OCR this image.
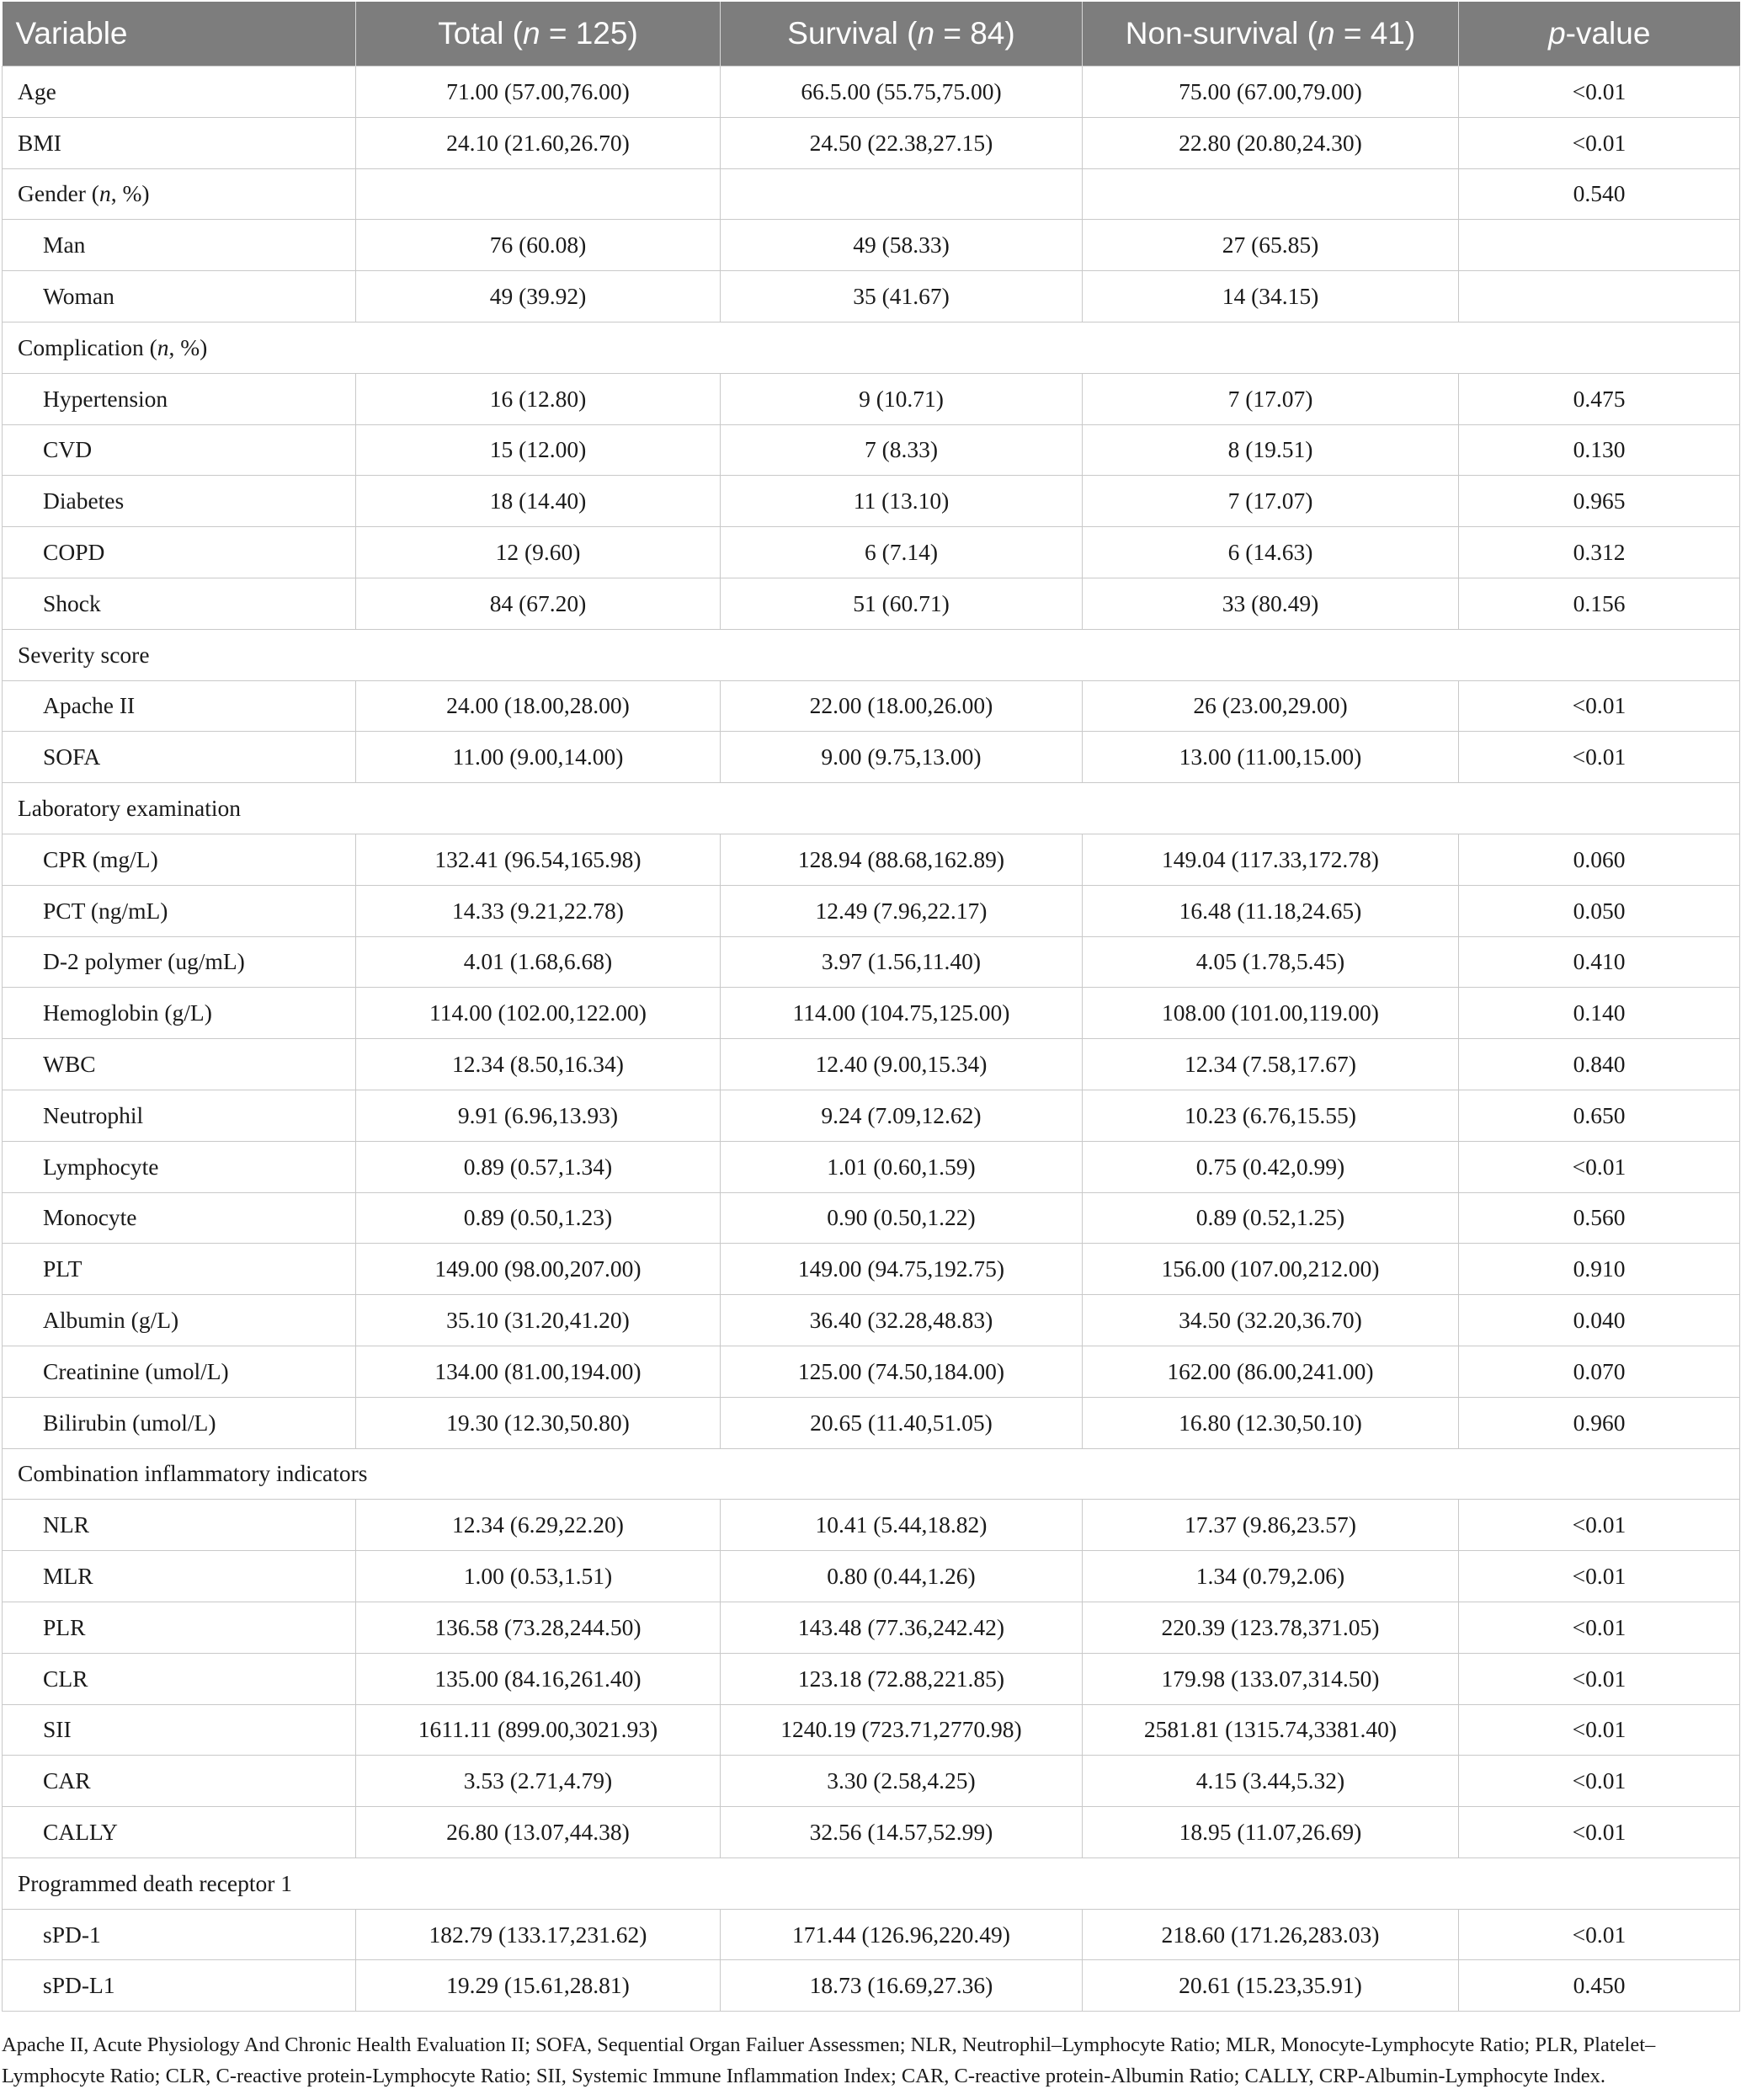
Variable	Total (n = 125)	Survival (n = 84)	Non-survival (n = 41)	p-value
Age	71.00 (57.00,76.00)	66.5.00 (55.75,75.00)	75.00 (67.00,79.00)	<0.01
BMI	24.10 (21.60,26.70)	24.50 (22.38,27.15)	22.80 (20.80,24.30)	<0.01
Gender (n, %)				0.540
Man	76 (60.08)	49 (58.33)	27 (65.85)	
Woman	49 (39.92)	35 (41.67)	14 (34.15)	
Complication (n, %)				
Hypertension	16 (12.80)	9 (10.71)	7 (17.07)	0.475
CVD	15 (12.00)	7 (8.33)	8 (19.51)	0.130
Diabetes	18 (14.40)	11 (13.10)	7 (17.07)	0.965
COPD	12 (9.60)	6 (7.14)	6 (14.63)	0.312
Shock	84 (67.20)	51 (60.71)	33 (80.49)	0.156
Severity score				
Apache II	24.00 (18.00,28.00)	22.00 (18.00,26.00)	26 (23.00,29.00)	<0.01
SOFA	11.00 (9.00,14.00)	9.00 (9.75,13.00)	13.00 (11.00,15.00)	<0.01
Laboratory examination				
CPR (mg/L)	132.41 (96.54,165.98)	128.94 (88.68,162.89)	149.04 (117.33,172.78)	0.060
PCT (ng/mL)	14.33 (9.21,22.78)	12.49 (7.96,22.17)	16.48 (11.18,24.65)	0.050
D-2 polymer (ug/mL)	4.01 (1.68,6.68)	3.97 (1.56,11.40)	4.05 (1.78,5.45)	0.410
Hemoglobin (g/L)	114.00 (102.00,122.00)	114.00 (104.75,125.00)	108.00 (101.00,119.00)	0.140
WBC	12.34 (8.50,16.34)	12.40 (9.00,15.34)	12.34 (7.58,17.67)	0.840
Neutrophil	9.91 (6.96,13.93)	9.24 (7.09,12.62)	10.23 (6.76,15.55)	0.650
Lymphocyte	0.89 (0.57,1.34)	1.01 (0.60,1.59)	0.75 (0.42,0.99)	<0.01
Monocyte	0.89 (0.50,1.23)	0.90 (0.50,1.22)	0.89 (0.52,1.25)	0.560
PLT	149.00 (98.00,207.00)	149.00 (94.75,192.75)	156.00 (107.00,212.00)	0.910
Albumin (g/L)	35.10 (31.20,41.20)	36.40 (32.28,48.83)	34.50 (32.20,36.70)	0.040
Creatinine (umol/L)	134.00 (81.00,194.00)	125.00 (74.50,184.00)	162.00 (86.00,241.00)	0.070
Bilirubin (umol/L)	19.30 (12.30,50.80)	20.65 (11.40,51.05)	16.80 (12.30,50.10)	0.960
Combination inflammatory indicators				
NLR	12.34 (6.29,22.20)	10.41 (5.44,18.82)	17.37 (9.86,23.57)	<0.01
MLR	1.00 (0.53,1.51)	0.80 (0.44,1.26)	1.34 (0.79,2.06)	<0.01
PLR	136.58 (73.28,244.50)	143.48 (77.36,242.42)	220.39 (123.78,371.05)	<0.01
CLR	135.00 (84.16,261.40)	123.18 (72.88,221.85)	179.98 (133.07,314.50)	<0.01
SII	1611.11 (899.00,3021.93)	1240.19 (723.71,2770.98)	2581.81 (1315.74,3381.40)	<0.01
CAR	3.53 (2.71,4.79)	3.30 (2.58,4.25)	4.15 (3.44,5.32)	<0.01
CALLY	26.80 (13.07,44.38)	32.56 (14.57,52.99)	18.95 (11.07,26.69)	<0.01
Programmed death receptor 1				
sPD-1	182.79 (133.17,231.62)	171.44 (126.96,220.49)	218.60 (171.26,283.03)	<0.01
sPD-L1	19.29 (15.61,28.81)	18.73 (16.69,27.36)	20.61 (15.23,35.91)	0.450
Apache II, Acute Physiology And Chronic Health Evaluation II; SOFA, Sequential Organ Failuer Assessmen; NLR, Neutrophil–Lymphocyte Ratio; MLR, Monocyte-Lymphocyte Ratio; PLR, Platelet–Lymphocyte Ratio; CLR, C-reactive protein-Lymphocyte Ratio; SII, Systemic Immune Inflammation Index; CAR, C-reactive protein-Albumin Ratio; CALLY, CRP-Albumin-Lymphocyte Index.
